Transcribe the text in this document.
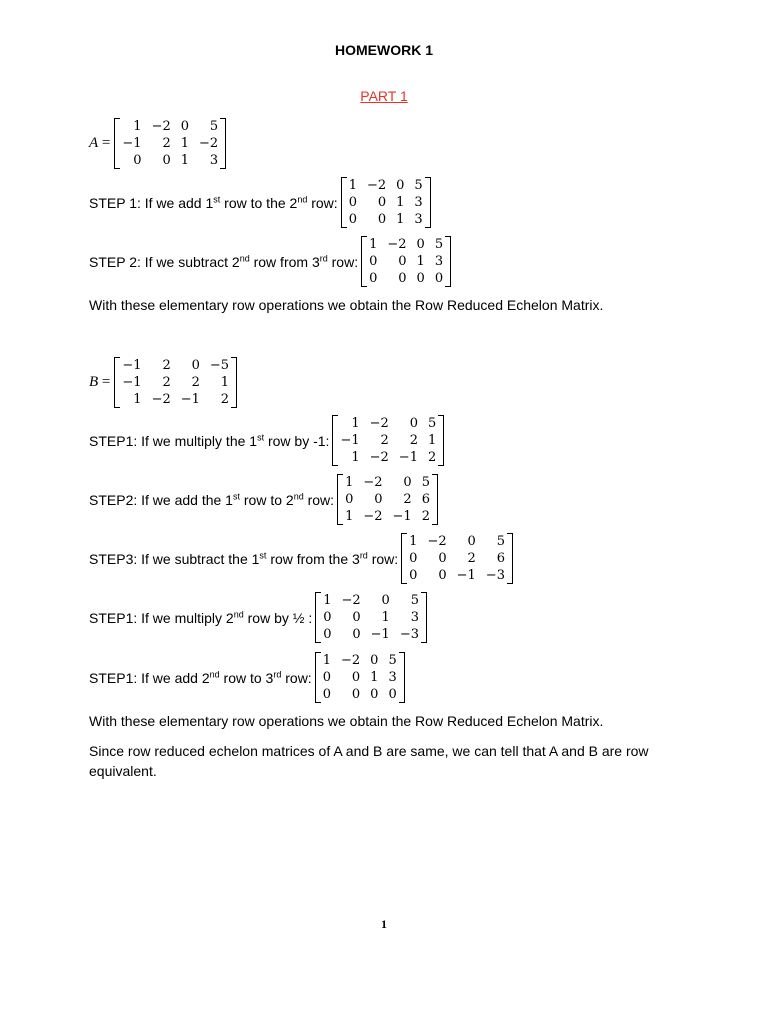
HOMEWORK 1
PART 1
A =
1 −2 0	5
−1	2 1 −2
0	0 1	3
STEP 1: If we add 1st row to the 2nd row:
1 −2 0 5
0	0 1 3
0	0 1 3
STEP 2: If we subtract 2nd row from 3rd row:
1 −2 0 5
0	0 1 3
0	0 0 0
With these elementary row operations we obtain the Row Reduced Echelon Matrix.
B =
−1	2	0 −5
−1	2	2	1
1 −2 −1	2
STEP1: If we multiply the 1st row by -1:
1 −2	0 5
−1	2	2 1
1 −2 −1 2
STEP2: If we add the 1st row to 2nd row:
1 −2	0 5
0	0	2 6
1 −2 −1 2
STEP3: If we subtract the 1st row from the 3rd row:
1 −2	0	5
0	0	2	6
0	0 −1 −3
STEP1: If we multiply 2nd row by ½ :
1 −2	0	5
0	0	1	3
0	0 −1 −3
STEP1: If we add 2nd row to 3rd row:
1 −2 0 5
0	0 1 3
0	0 0 0
With these elementary row operations we obtain the Row Reduced Echelon Matrix.
Since row reduced echelon matrices of A and B are same, we can tell that A and B are row equivalent.
1
